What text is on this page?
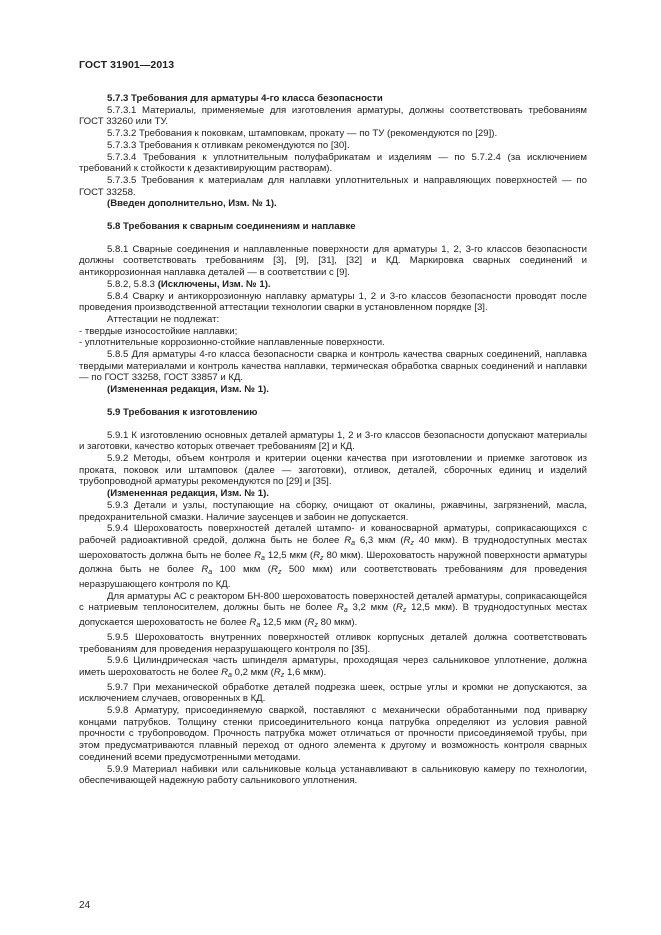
ГОСТ 31901—2013

5.7.3 Требования для арматуры 4-го класса безопасности

5.7.3.1 Материалы, применяемые для изготовления арматуры, должны соответствовать требованиям ГОСТ 33260 или ТУ.

5.7.3.2 Требования к поковкам, штамповкам, прокату — по ТУ (рекомендуются по [29]).

5.7.3.3 Требования к отливкам рекомендуются по [30].

5.7.3.4 Требования к уплотнительным полуфабрикатам и изделиям — по 5.7.2.4 (за исключением требований к стойкости к дезактивирующим растворам).

5.7.3.5 Требования к материалам для наплавки уплотнительных и направляющих поверхностей — по ГОСТ 33258.

(Введен дополнительно, Изм. № 1).

5.8 Требования к сварным соединениям и наплавке

5.8.1 Сварные соединения и наплавленные поверхности для арматуры 1, 2, 3-го классов безопасности должны соответствовать требованиям [3], [9], [31], [32] и КД. Маркировка сварных соединений и антикоррозионная наплавка деталей — в соответствии с [9].

5.8.2, 5.8.3 (Исключены, Изм. № 1).

5.8.4 Сварку и антикоррозионную наплавку арматуры 1, 2 и 3-го классов безопасности проводят после проведения производственной аттестации технологии сварки в установленном порядке [3].

Аттестации не подлежат:

- твердые износостойкие наплавки;

- уплотнительные коррозионно-стойкие наплавленные поверхности.

5.8.5 Для арматуры 4-го класса безопасности сварка и контроль качества сварных соединений, наплавка твердыми материалами и контроль качества наплавки, термическая обработка сварных соединений и наплавки — по ГОСТ 33258, ГОСТ 33857 и КД.

(Измененная редакция, Изм. № 1).

5.9 Требования к изготовлению

5.9.1 К изготовлению основных деталей арматуры 1, 2 и 3-го классов безопасности допускают материалы и заготовки, качество которых отвечает требованиям [2] и КД.

5.9.2 Методы, объем контроля и критерии оценки качества при изготовлении и приемке заготовок из проката, поковок или штамповок (далее — заготовки), отливок, деталей, сборочных единиц и изделий трубопроводной арматуры рекомендуются по [29] и [35].

(Измененная редакция, Изм. № 1).

5.9.3 Детали и узлы, поступающие на сборку, очищают от окалины, ржавчины, загрязнений, масла, предохранительной смазки. Наличие заусенцев и забоин не допускается.

5.9.4 Шероховатость поверхностей деталей штампо- и кованосварной арматуры, соприкасающихся с рабочей радиоактивной средой, должна быть не более $R_a$ 6,3 мкм ($R_z$ 40 мкм). В труднодоступных местах шероховатость должна быть не более $R_a$ 12,5 мкм ($R_z$ 80 мкм). Шероховатость наружной поверхности арматуры должна быть не более $R_a$ 100 мкм ($R_z$ 500 мкм) или соответствовать требованиям для проведения неразрушающего контроля по КД.

Для арматуры АС с реактором БН-800 шероховатость поверхностей деталей арматуры, соприкасающейся с натриевым теплоносителем, должны быть не более $R_a$ 3,2 мкм ($R_z$ 12,5 мкм). В труднодоступных местах допускается шероховатость не более $R_a$ 12,5 мкм ($R_z$ 80 мкм).

5.9.5 Шероховатость внутренних поверхностей отливок корпусных деталей должна соответствовать требованиям для проведения неразрушающего контроля по [35].

5.9.6 Цилиндрическая часть шпинделя арматуры, проходящая через сальниковое уплотнение, должна иметь шероховатость не более $R_a$ 0,2 мкм ($R_z$ 1,6 мкм).

5.9.7 При механической обработке деталей подрезка шеек, острые углы и кромки не допускаются, за исключением случаев, оговоренных в КД.

5.9.8 Арматуру, присоединяемую сваркой, поставляют с механически обработанными под приварку концами патрубков. Толщину стенки присоединительного конца патрубка определяют из условия равной прочности с трубопроводом. Прочность патрубка может отличаться от прочности присоединяемой трубы, при этом предусматриваются плавный переход от одного элемента к другому и возможность контроля сварных соединений всеми предусмотренными методами.

5.9.9 Материал набивки или сальниковые кольца устанавливают в сальниковую камеру по технологии, обеспечивающей надежную работу сальникового уплотнения.

24
